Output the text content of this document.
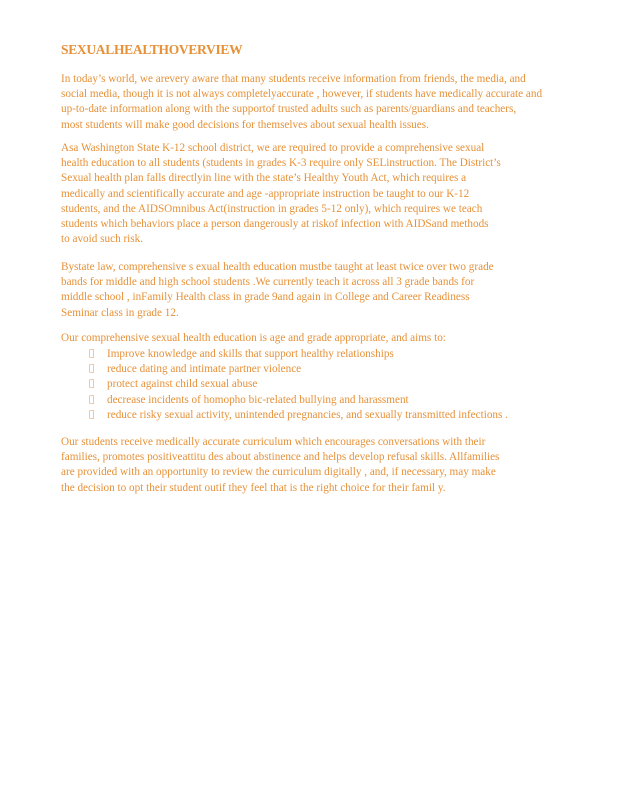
SEXUALHEALTHOVERVIEW

In today’s world, we arevery aware that many students receive information from friends, the media, and
social media, though it is not always completelyaccurate , however, if students have medically accurate and
up-to-date information along with the supportof trusted adults such as parents/guardians and teachers,
most students will make good decisions for themselves about sexual health issues.

Asa Washington State K-12 school district, we are required to provide a comprehensive sexual
health education to all students (students in grades K-3 require only SELinstruction. The District’s
Sexual health plan falls directlyin line with the state’s Healthy Youth Act, which requires a
medically and scientifically accurate and age -appropriate instruction be taught to our K-12
students, and the AIDSOmnibus Act(instruction in grades 5-12 only), which requires we teach
students which behaviors place a person dangerously at riskof infection with AIDSand methods
to avoid such risk.

Bystate law, comprehensive s exual health education mustbe taught at least twice over two grade
bands for middle and high school students .We currently teach it across all 3 grade bands for
middle school , inFamily Health class in grade 9and again in College and Career Readiness
Seminar class in grade 12.

Our comprehensive sexual health education is age and grade appropriate, and aims to:

Improve knowledge and skills that support healthy relationships
reduce dating and intimate partner violence
protect against child sexual abuse
decrease incidents of homopho bic-related bullying and harassment
reduce risky sexual activity, unintended pregnancies, and sexually transmitted infections .

Our students receive medically accurate curriculum which encourages conversations with their
families, promotes positiveattitu des about abstinence and helps develop refusal skills. Allfamilies
are provided with an opportunity to review the curriculum digitally , and, if necessary, may make
the decision to opt their student outif they feel that is the right choice for their famil y.
